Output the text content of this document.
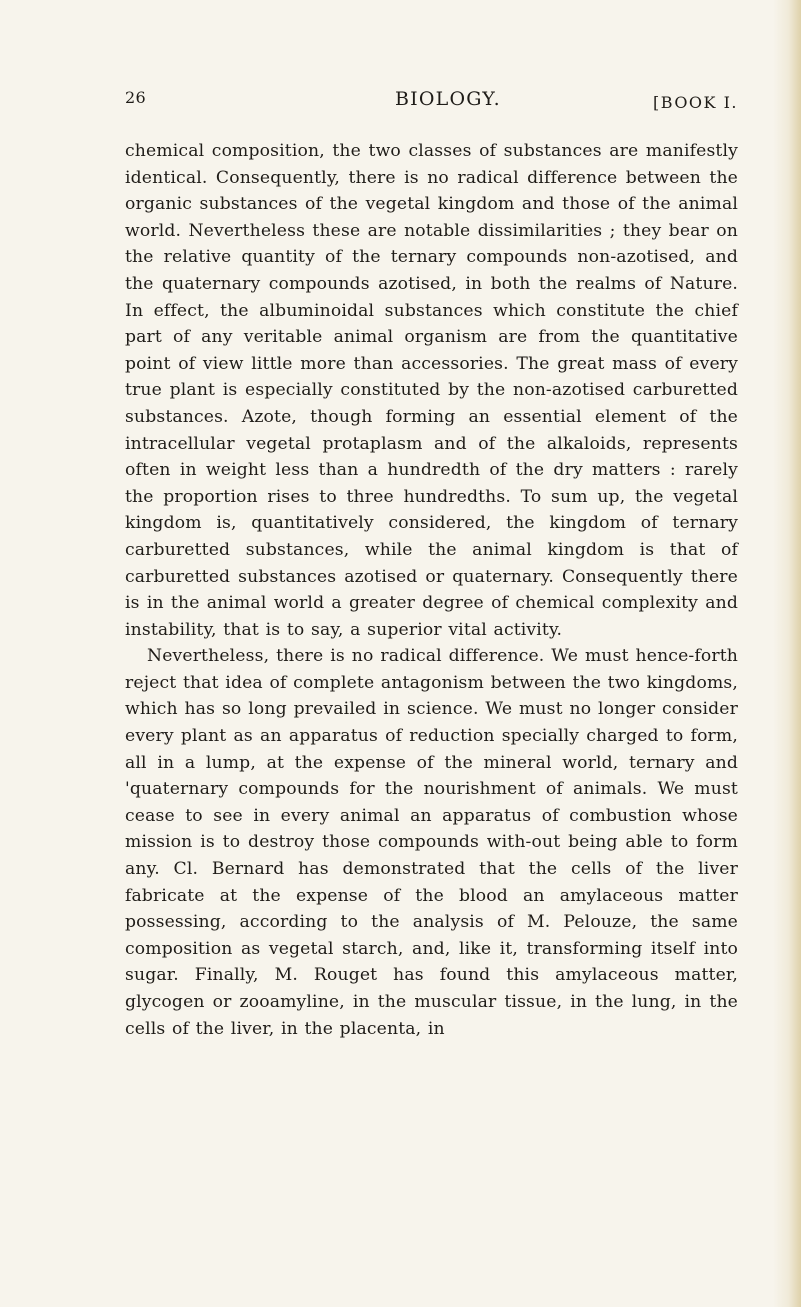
26	BIOLOGY.	[BOOK I.

chemical composition, the two classes of substances are manifestly identical. Consequently, there is no radical difference between the organic substances of the vegetal kingdom and those of the animal world. Nevertheless these are notable dissimilarities ; they bear on the relative quantity of the ternary compounds non-azotised, and the quaternary compounds azotised, in both the realms of Nature. In effect, the albuminoidal substances which constitute the chief part of any veritable animal organism are from the quantitative point of view little more than accessories. The great mass of every true plant is especially constituted by the non-azotised carburetted substances. Azote, though forming an essential element of the intracellular vegetal protaplasm and of the alkaloids, represents often in weight less than a hundredth of the dry matters : rarely the proportion rises to three hundredths. To sum up, the vegetal kingdom is, quantitatively considered, the kingdom of ternary carburetted substances, while the animal kingdom is that of carburetted substances azotised or quaternary. Consequently there is in the animal world a greater degree of chemical complexity and instability, that is to say, a superior vital activity.

Nevertheless, there is no radical difference. We must hence-forth reject that idea of complete antagonism between the two kingdoms, which has so long prevailed in science. We must no longer consider every plant as an apparatus of reduction specially charged to form, all in a lump, at the expense of the mineral world, ternary and 'quaternary compounds for the nourishment of animals. We must cease to see in every animal an apparatus of combustion whose mission is to destroy those compounds with-out being able to form any. Cl. Bernard has demonstrated that the cells of the liver fabricate at the expense of the blood an amylaceous matter possessing, according to the analysis of M. Pelouze, the same composition as vegetal starch, and, like it, transforming itself into sugar. Finally, M. Rouget has found this amylaceous matter, glycogen or zooamyline, in the muscular tissue, in the lung, in the cells of the liver, in the placenta, in
